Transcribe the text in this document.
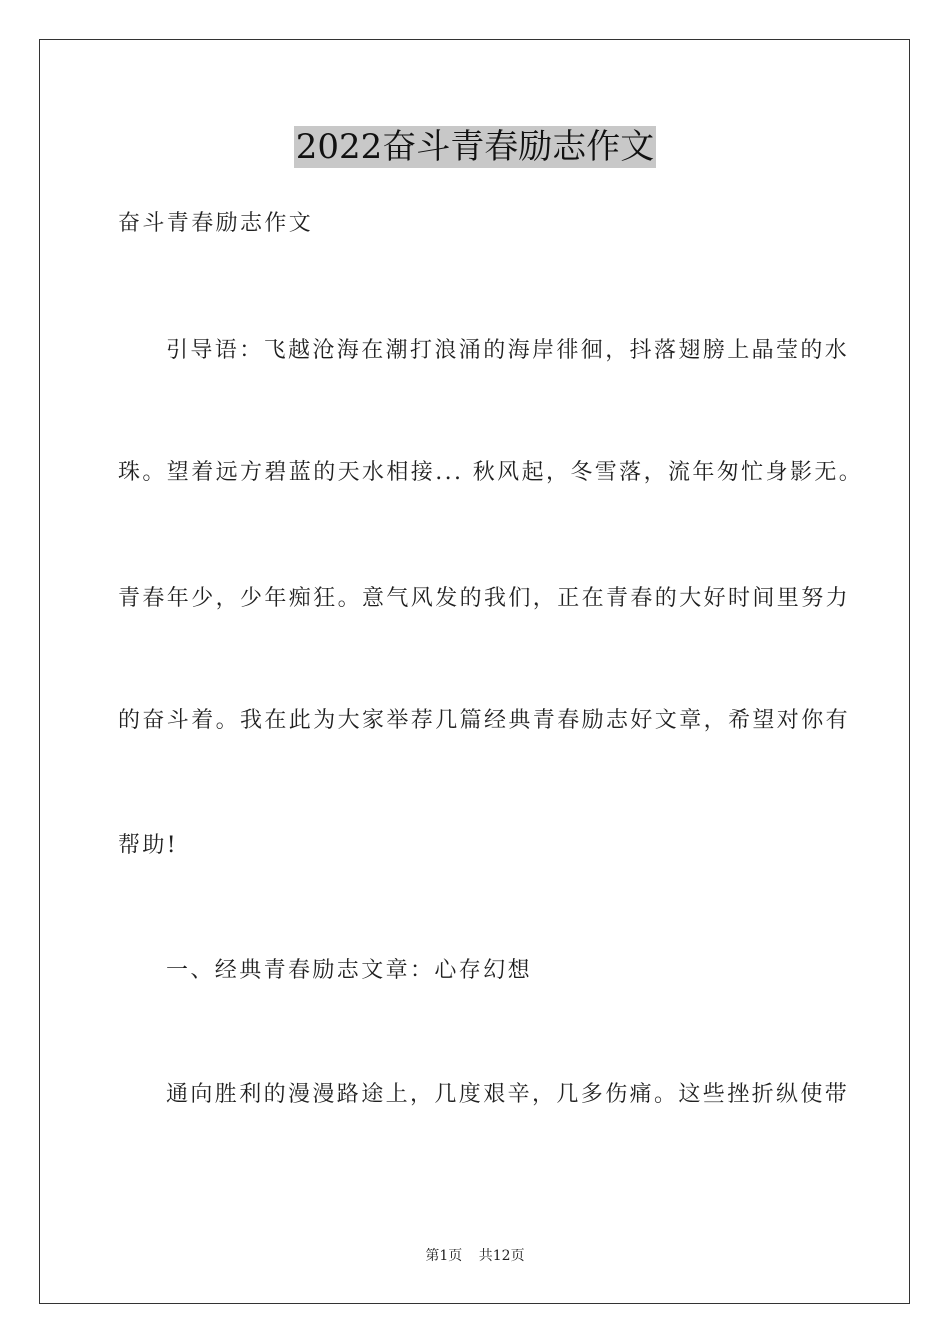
2022奋斗青春励志作文
奋斗青春励志作文
引导语：飞越沧海在潮打浪涌的海岸徘徊，抖落翅膀上晶莹的水
珠。望着远方碧蓝的天水相接... 秋风起，冬雪落，流年匆忙身影无。
青春年少，少年痴狂。意气风发的我们，正在青春的大好时间里努力
的奋斗着。我在此为大家举荐几篇经典青春励志好文章，希望对你有
帮助!
一、经典青春励志文章：心存幻想
通向胜利的漫漫路途上，几度艰辛，几多伤痛。这些挫折纵使带
第1页 共12页
